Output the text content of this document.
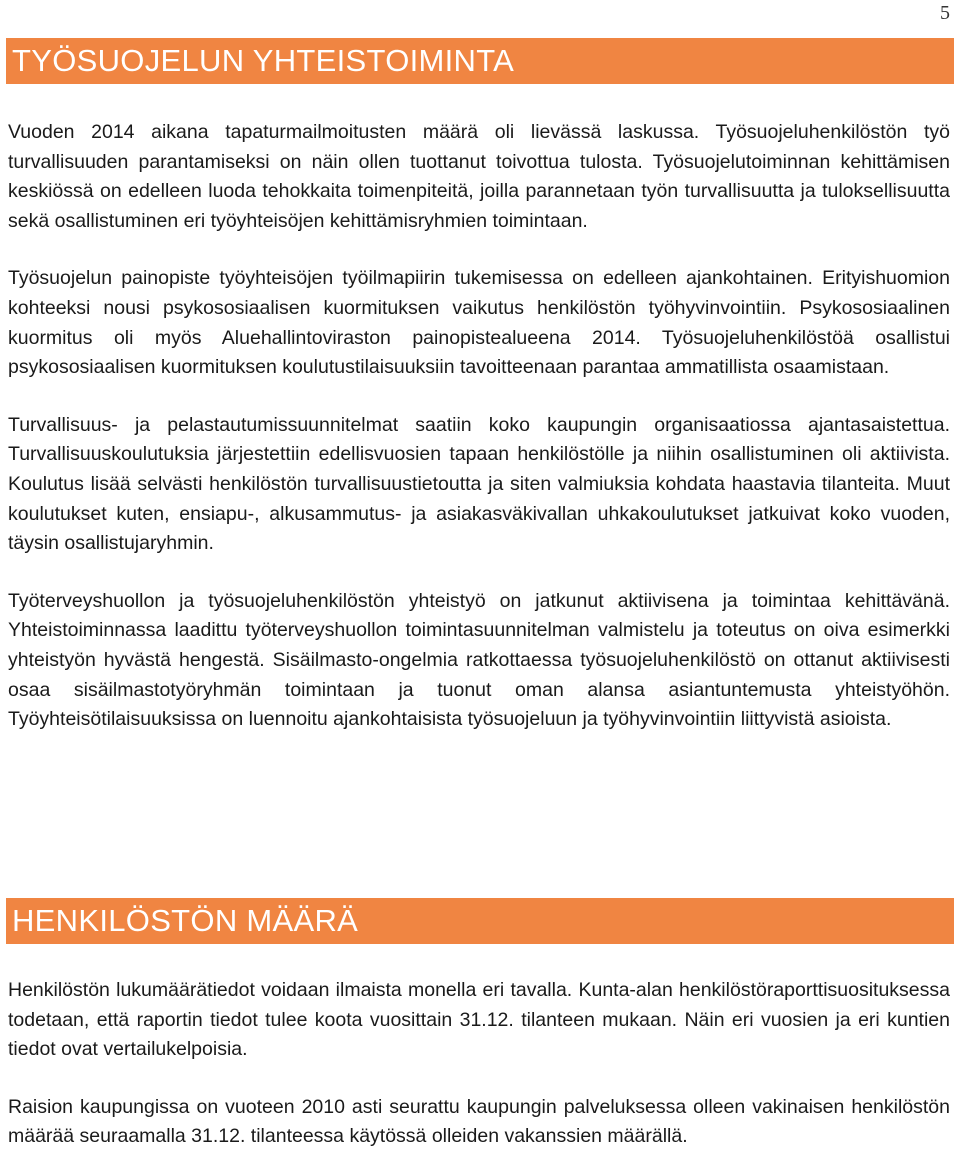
5
TYÖSUOJELUN YHTEISTOIMINTA

Vuoden 2014 aikana tapaturmailmoitusten määrä oli lievässä laskussa. Työsuojeluhenkilöstön työ turvallisuuden parantamiseksi on näin ollen tuottanut toivottua tulosta. Työsuojelutoiminnan kehittämisen keskiössä on edelleen luoda tehokkaita toimenpiteitä, joilla parannetaan työn turvallisuutta ja tuloksellisuutta sekä osallistuminen eri työyhteisöjen kehittämisryhmien toimintaan.

Työsuojelun painopiste työyhteisöjen työilmapiirin tukemisessa on edelleen ajankohtainen. Erityishuomion kohteeksi nousi psykososiaalisen kuormituksen vaikutus henkilöstön työhyvinvointiin. Psykososiaalinen kuormitus oli myös Aluehallintoviraston painopistealueena 2014. Työsuojeluhenkilöstöä osallistui psykososiaalisen kuormituksen koulutustilaisuuksiin tavoitteenaan parantaa ammatillista osaamistaan.

Turvallisuus- ja pelastautumissuunnitelmat saatiin koko kaupungin organisaatiossa ajantasaistettua. Turvallisuuskoulutuksia järjestettiin edellisvuosien tapaan henkilöstölle ja niihin osallistuminen oli aktiivista. Koulutus lisää selvästi henkilöstön turvallisuustietoutta ja siten valmiuksia kohdata haastavia tilanteita. Muut koulutukset kuten, ensiapu-, alkusammutus- ja asiakasväkivallan uhkakoulutukset jatkuivat koko vuoden, täysin osallistujaryhmin.

Työterveyshuollon ja työsuojeluhenkilöstön yhteistyö on jatkunut aktiivisena ja toimintaa kehittävänä. Yhteistoiminnassa laadittu työterveyshuollon toimintasuunnitelman valmistelu ja toteutus on oiva esimerkki yhteistyön hyvästä hengestä. Sisäilmasto-ongelmia ratkottaessa työsuojeluhenkilöstö on ottanut aktiivisesti osaa sisäilmastotyöryhmän toimintaan ja tuonut oman alansa asiantuntemusta yhteistyöhön. Työyhteisötilaisuuksissa on luennoitu ajankohtaisista työsuojeluun ja työhyvinvointiin liittyvistä asioista.

HENKILÖSTÖN MÄÄRÄ

Henkilöstön lukumäärätiedot voidaan ilmaista monella eri tavalla. Kunta-alan henkilöstöraporttisuosituksessa todetaan, että raportin tiedot tulee koota vuosittain 31.12. tilanteen mukaan. Näin eri vuosien ja eri kuntien tiedot ovat vertailukelpoisia.

Raision kaupungissa on vuoteen 2010 asti seurattu kaupungin palveluksessa olleen vakinaisen henkilöstön määrää seuraamalla 31.12. tilanteessa käytössä olleiden vakanssien määrällä.
